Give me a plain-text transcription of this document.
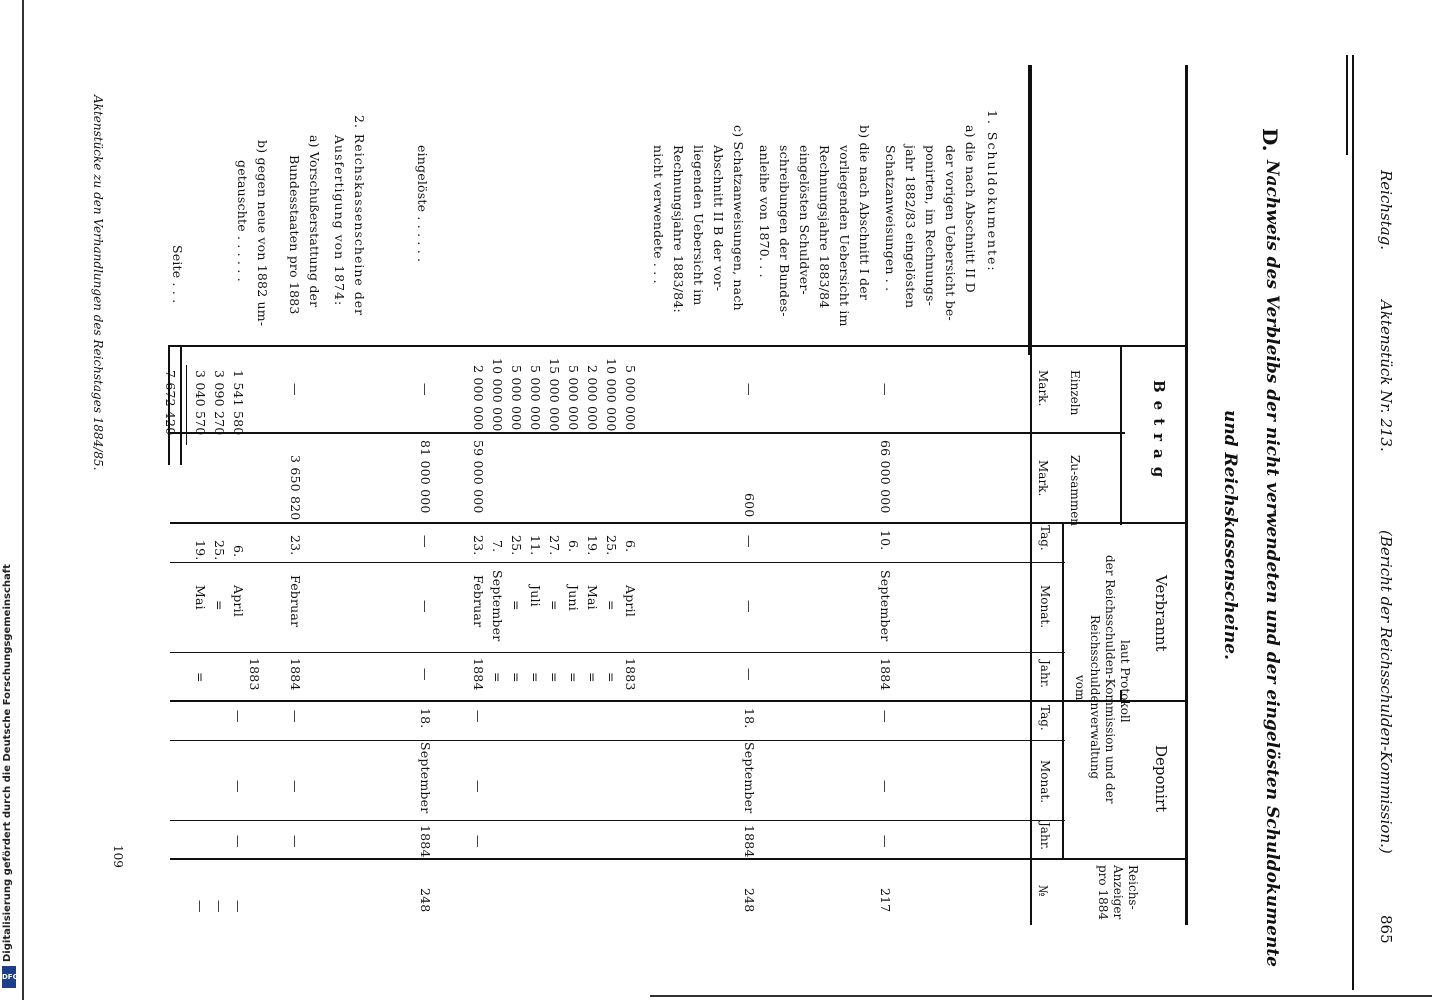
Reichstag.
Aktenstück Nr. 213.
(Bericht der Reichsschulden-Kommission.)
865
D.
Nachweis des Verbleibs der nicht verwendeten und der eingelösten Schuldokumente
und Reichskassenscheine.
Betrag
Einzeln
Zu-sammen
Mark.
Mark.
Verbrannt
Deponirt
laut Protokoll
der Reichsschulden-Kommission und der
Reichsschuldenverwaltung
vom
Tag.
Monat.
Jahr.
Tag.
Monat.
Jahr.
Reichs-Anzeiger pro 1884
№
1. Schuldokumente:
a) die nach Abschnitt II D
der vorigen Uebersicht be-
ponirten, im Rechnungs-
jahr 1882/83 eingelösten
Schatzanweisungen . .
b) die nach Abschnitt I der
vorliegenden Uebersicht im
Rechnungsjahre 1883/84
eingelösten Schuldver-
schreibungen der Bundes-
anleihe von 1870. . .
c) Schatzanweisungen, nach
Abschnitt II B der vor-
liegenden Uebersicht im
Rechnungsjahre 1883/84:
nicht verwendete . . .
eingelöste . . . . . .
2. Reichskassenscheine der
Ausfertigung von 1874:
a) Vorschußerstattung der
Bundesstaaten pro 1883
b) gegen neue von 1882 um-
getauschte . . . . . .
Seite . . .
—
—
5 000 000
10 000 000
2 000 000
5 000 000
15 000 000
5 000 000
5 000 000
10 000 000
2 000 000
—
—
1 541 580
3 090 270
3 040 570
7 672 420
66 000 000
600
59 000 000
81 000 000
3 650 820
10.
—
6.
25.
19.
6.
27.
11.
25.
7.
23.
—
23.
6.
25.
19.
September
—
April
=
Mai
Juni
=
Juli
=
September
Februar
—
Februar
April
=
Mai
1884
—
1883
=
=
=
=
=
=
=
1884
—
1884
1883
=
—
18.
—
18.
—
—
—
September
—
September
—
—
—
1884
—
1884
—
—
217
248
248
—
—
—
Aktenstücke zu den Verhandlungen des Reichstages 1884/85.
109
Digitalisierung gefördert durch die Deutsche Forschungsgemeinschaft
DFG
